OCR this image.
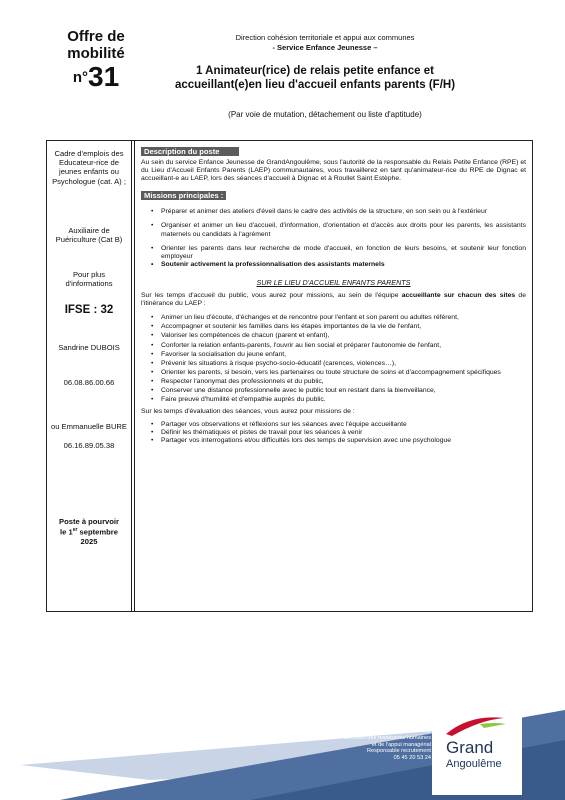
Offre de
mobilité
n°31
Direction cohésion territoriale et appui aux communes
- Service Enfance Jeunesse –
1 Animateur(rice) de relais petite enfance et
accueillant(e)en lieu d'accueil enfants parents (F/H)
(Par voie de mutation, détachement ou liste d'aptitude)
Cadre d'emplois des Educateur-rice de jeunes enfants ou Psychologue (cat. A) ;
Auxiliaire de Puériculture (Cat B)
Pour plus d'informations
IFSE : 32
Sandrine DUBOIS
06.08.86.00.66
ou Emmanuelle BURE
06.16.89.05.38
Poste à pourvoir
le 1er septembre
2025
Description du poste

Au sein du service Enfance Jeunesse de GrandAngoulême, sous l'autorité de la responsable du Relais Petite Enfance (RPE) et du Lieu d'Accueil Enfants Parents (LAEP) communautaires, vous travaillerez en tant qu'animateur-rice du RPE de Dignac et accueillant-e au LAEP, lors des séances d'accueil à Dignac et à Roullet Saint Estèphe.

Missions principales :
• Préparer et animer des ateliers d'éveil dans le cadre des activités de la structure, en son sein ou à l'extérieur
• Organiser et animer un lieu d'accueil, d'information, d'orientation et d'accès aux droits pour les parents, les assistants maternels ou candidats à l'agrément
• Orienter les parents dans leur recherche de mode d'accueil, en fonction de leurs besoins, et soutenir leur fonction employeur
• Soutenir activement la professionnalisation des assistants maternels

SUR LE LIEU D'ACCUEIL ENFANTS PARENTS

Sur les temps d'accueil du public, vous aurez pour missions, au sein de l'équipe accueillante sur chacun des sites de l'itinérance du LAEP :

• Animer un lieu d'écoute, d'échanges et de rencontre pour l'enfant et son parent ou adultes référent,
• Accompagner et soutenir les familles dans les étapes importantes de la vie de l'enfant,
• Valoriser les compétences de chacun (parent et enfant),
• Conforter la relation enfants-parents, l'ouvrir au lien social et préparer l'autonomie de l'enfant,
• Favoriser la socialisation du jeune enfant,
• Prévenir les situations à risque psycho-socio-éducatif (carences, violences…),
• Orienter les parents, si besoin, vers les partenaires ou toute structure de soins et d'accompagnement spécifiques
• Respecter l'anonymat des professionnels et du public,
• Conserver une distance professionnelle avec le public tout en restant dans la bienveillance,
• Faire preuve d'humilité et d'empathie auprès du public.

Sur les temps d'évaluation des séances, vous aurez pour missions de :

• Partager vos observations et réflexions sur les séances avec l'équipe accueillante
• Définir les thématiques et pistes de travail pour les séances à venir
• Partager vos interrogations et/ou difficultés lors des temps de supervision avec une psychologue
DESTREZ Lindsay
Direction des ressources humaines
et de l'appui managérial
Responsable recrutement
05 45 20 53 24
Grand
Angoulême
